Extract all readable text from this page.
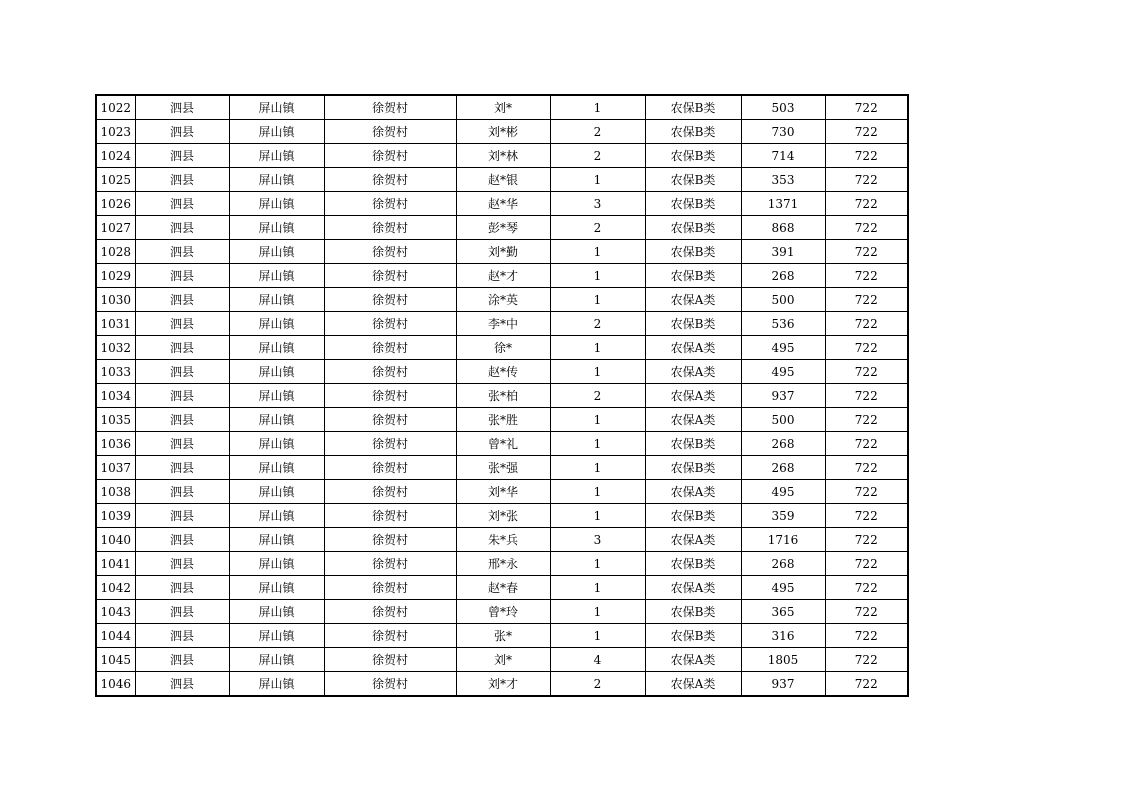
1022	泗县	屏山镇	徐贺村	刘*	1	农保B类	503	722
1023	泗县	屏山镇	徐贺村	刘*彬	2	农保B类	730	722
1024	泗县	屏山镇	徐贺村	刘*林	2	农保B类	714	722
1025	泗县	屏山镇	徐贺村	赵*银	1	农保B类	353	722
1026	泗县	屏山镇	徐贺村	赵*华	3	农保B类	1371	722
1027	泗县	屏山镇	徐贺村	彭*琴	2	农保B类	868	722
1028	泗县	屏山镇	徐贺村	刘*勤	1	农保B类	391	722
1029	泗县	屏山镇	徐贺村	赵*才	1	农保B类	268	722
1030	泗县	屏山镇	徐贺村	涂*英	1	农保A类	500	722
1031	泗县	屏山镇	徐贺村	李*中	2	农保B类	536	722
1032	泗县	屏山镇	徐贺村	徐*	1	农保A类	495	722
1033	泗县	屏山镇	徐贺村	赵*传	1	农保A类	495	722
1034	泗县	屏山镇	徐贺村	张*柏	2	农保A类	937	722
1035	泗县	屏山镇	徐贺村	张*胜	1	农保A类	500	722
1036	泗县	屏山镇	徐贺村	曾*礼	1	农保B类	268	722
1037	泗县	屏山镇	徐贺村	张*强	1	农保B类	268	722
1038	泗县	屏山镇	徐贺村	刘*华	1	农保A类	495	722
1039	泗县	屏山镇	徐贺村	刘*张	1	农保B类	359	722
1040	泗县	屏山镇	徐贺村	朱*兵	3	农保A类	1716	722
1041	泗县	屏山镇	徐贺村	邢*永	1	农保B类	268	722
1042	泗县	屏山镇	徐贺村	赵*春	1	农保A类	495	722
1043	泗县	屏山镇	徐贺村	曾*玲	1	农保B类	365	722
1044	泗县	屏山镇	徐贺村	张*	1	农保B类	316	722
1045	泗县	屏山镇	徐贺村	刘*	4	农保A类	1805	722
1046	泗县	屏山镇	徐贺村	刘*才	2	农保A类	937	722
